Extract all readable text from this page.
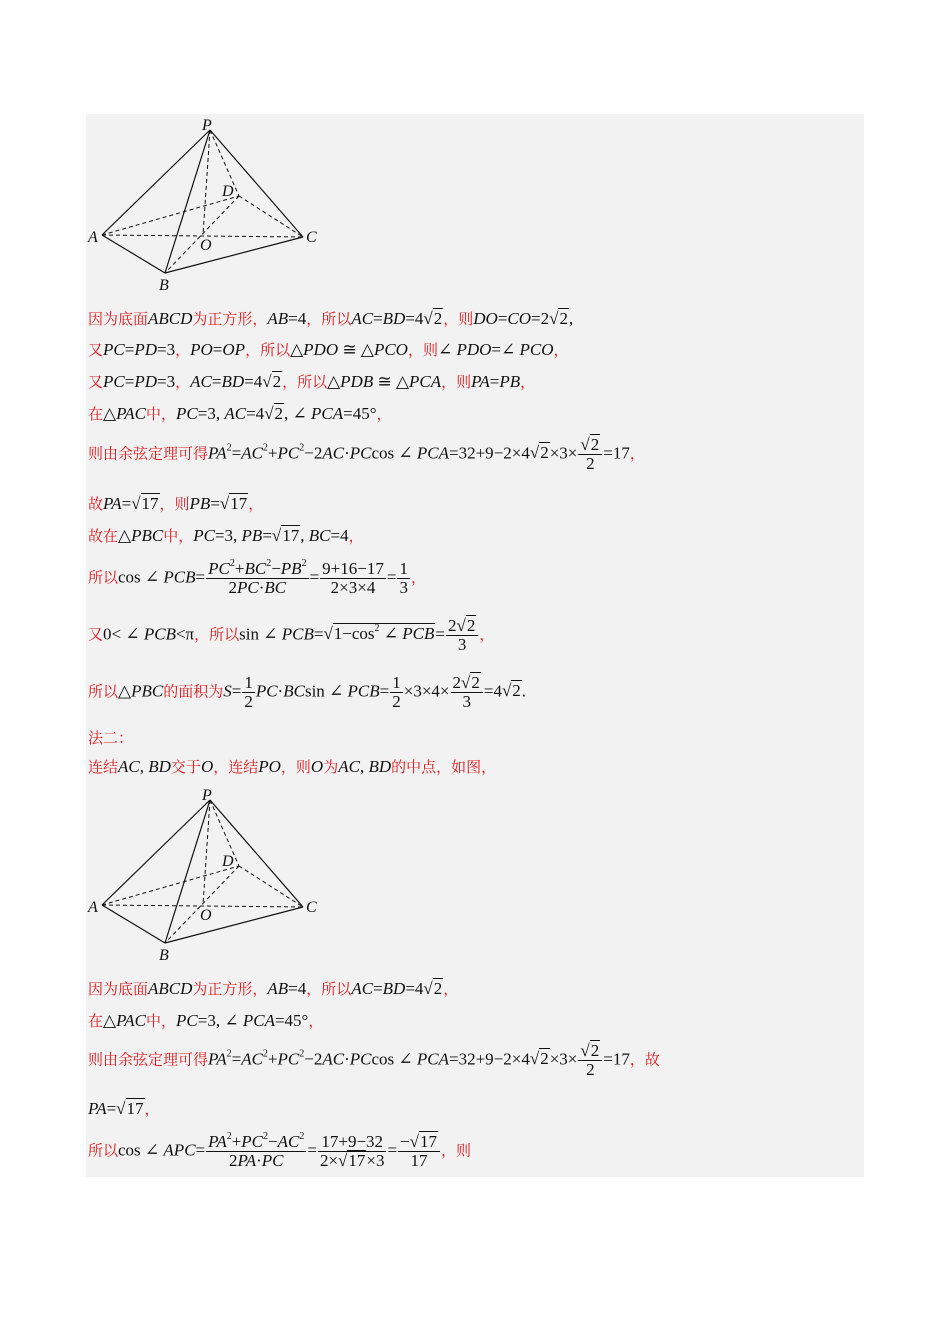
P
D
A	O	C
B
因为底面ABCD为正方形，AB=4，所以AC=BD=4√2，则DO=CO=2√2,
又PC=PD=3，PO=OP，所以△PDO ≅ △PCO，则∠ PDO=∠ PCO，
又PC=PD=3，AC=BD=4√2，所以△PDB ≅ △PCA，则PA=PB，
在△PAC中，PC=3, AC=4√2, ∠ PCA=45°，
则由余弦定理可得$PA^2=AC^2+PC^2-2AC\cdot PCcos$ ∠ $PCA=32+9-2\times 4√2\times 3\times \frac{√2}{2} =17$，
故PA=√17，则PB=√17，
故在△PBC中，PC=3, PB=√17, BC=4，
所以cos ∠ $PCB= \frac{PC^2+BC^2-PB^2}{2PC\cdot BC} = \frac{9+16-17}{2\times 3\times 4} = \frac{1}{3}$ ，
又0< ∠ PCB<π，所以sin ∠ $PCB=√1-\cos^2$ ∠ $PCB= \frac{2√2}{3}$ ，
所以△PBC的面积为$S= \frac{1}{2} PC\cdot BCsin$ ∠ $PCB= \frac{1}{2} \times 3\times 4\times \frac{2√2}{3} =4√2$.
法二：
连结AC, BD交于O，连结PO，则O为AC, BD的中点，如图，
P
D
A	O	C
B
因为底面ABCD为正方形，AB=4，所以AC=BD=4√2，
在△PAC中，PC=3, ∠ PCA=45°，
则由余弦定理可得$PA^2=AC^2+PC^2-2AC\cdot PCcos$ ∠ $PCA=32+9-2\times 4√2\times 3\times \frac{√2}{2} =17$，故
PA=√17，
所以cos ∠ $APC= \frac{PA^2+PC^2-AC^2}{2PA\cdot PC} = \frac{17+9-32}{2\times√17\times 3} = \frac{-√17}{17}$ ，则
